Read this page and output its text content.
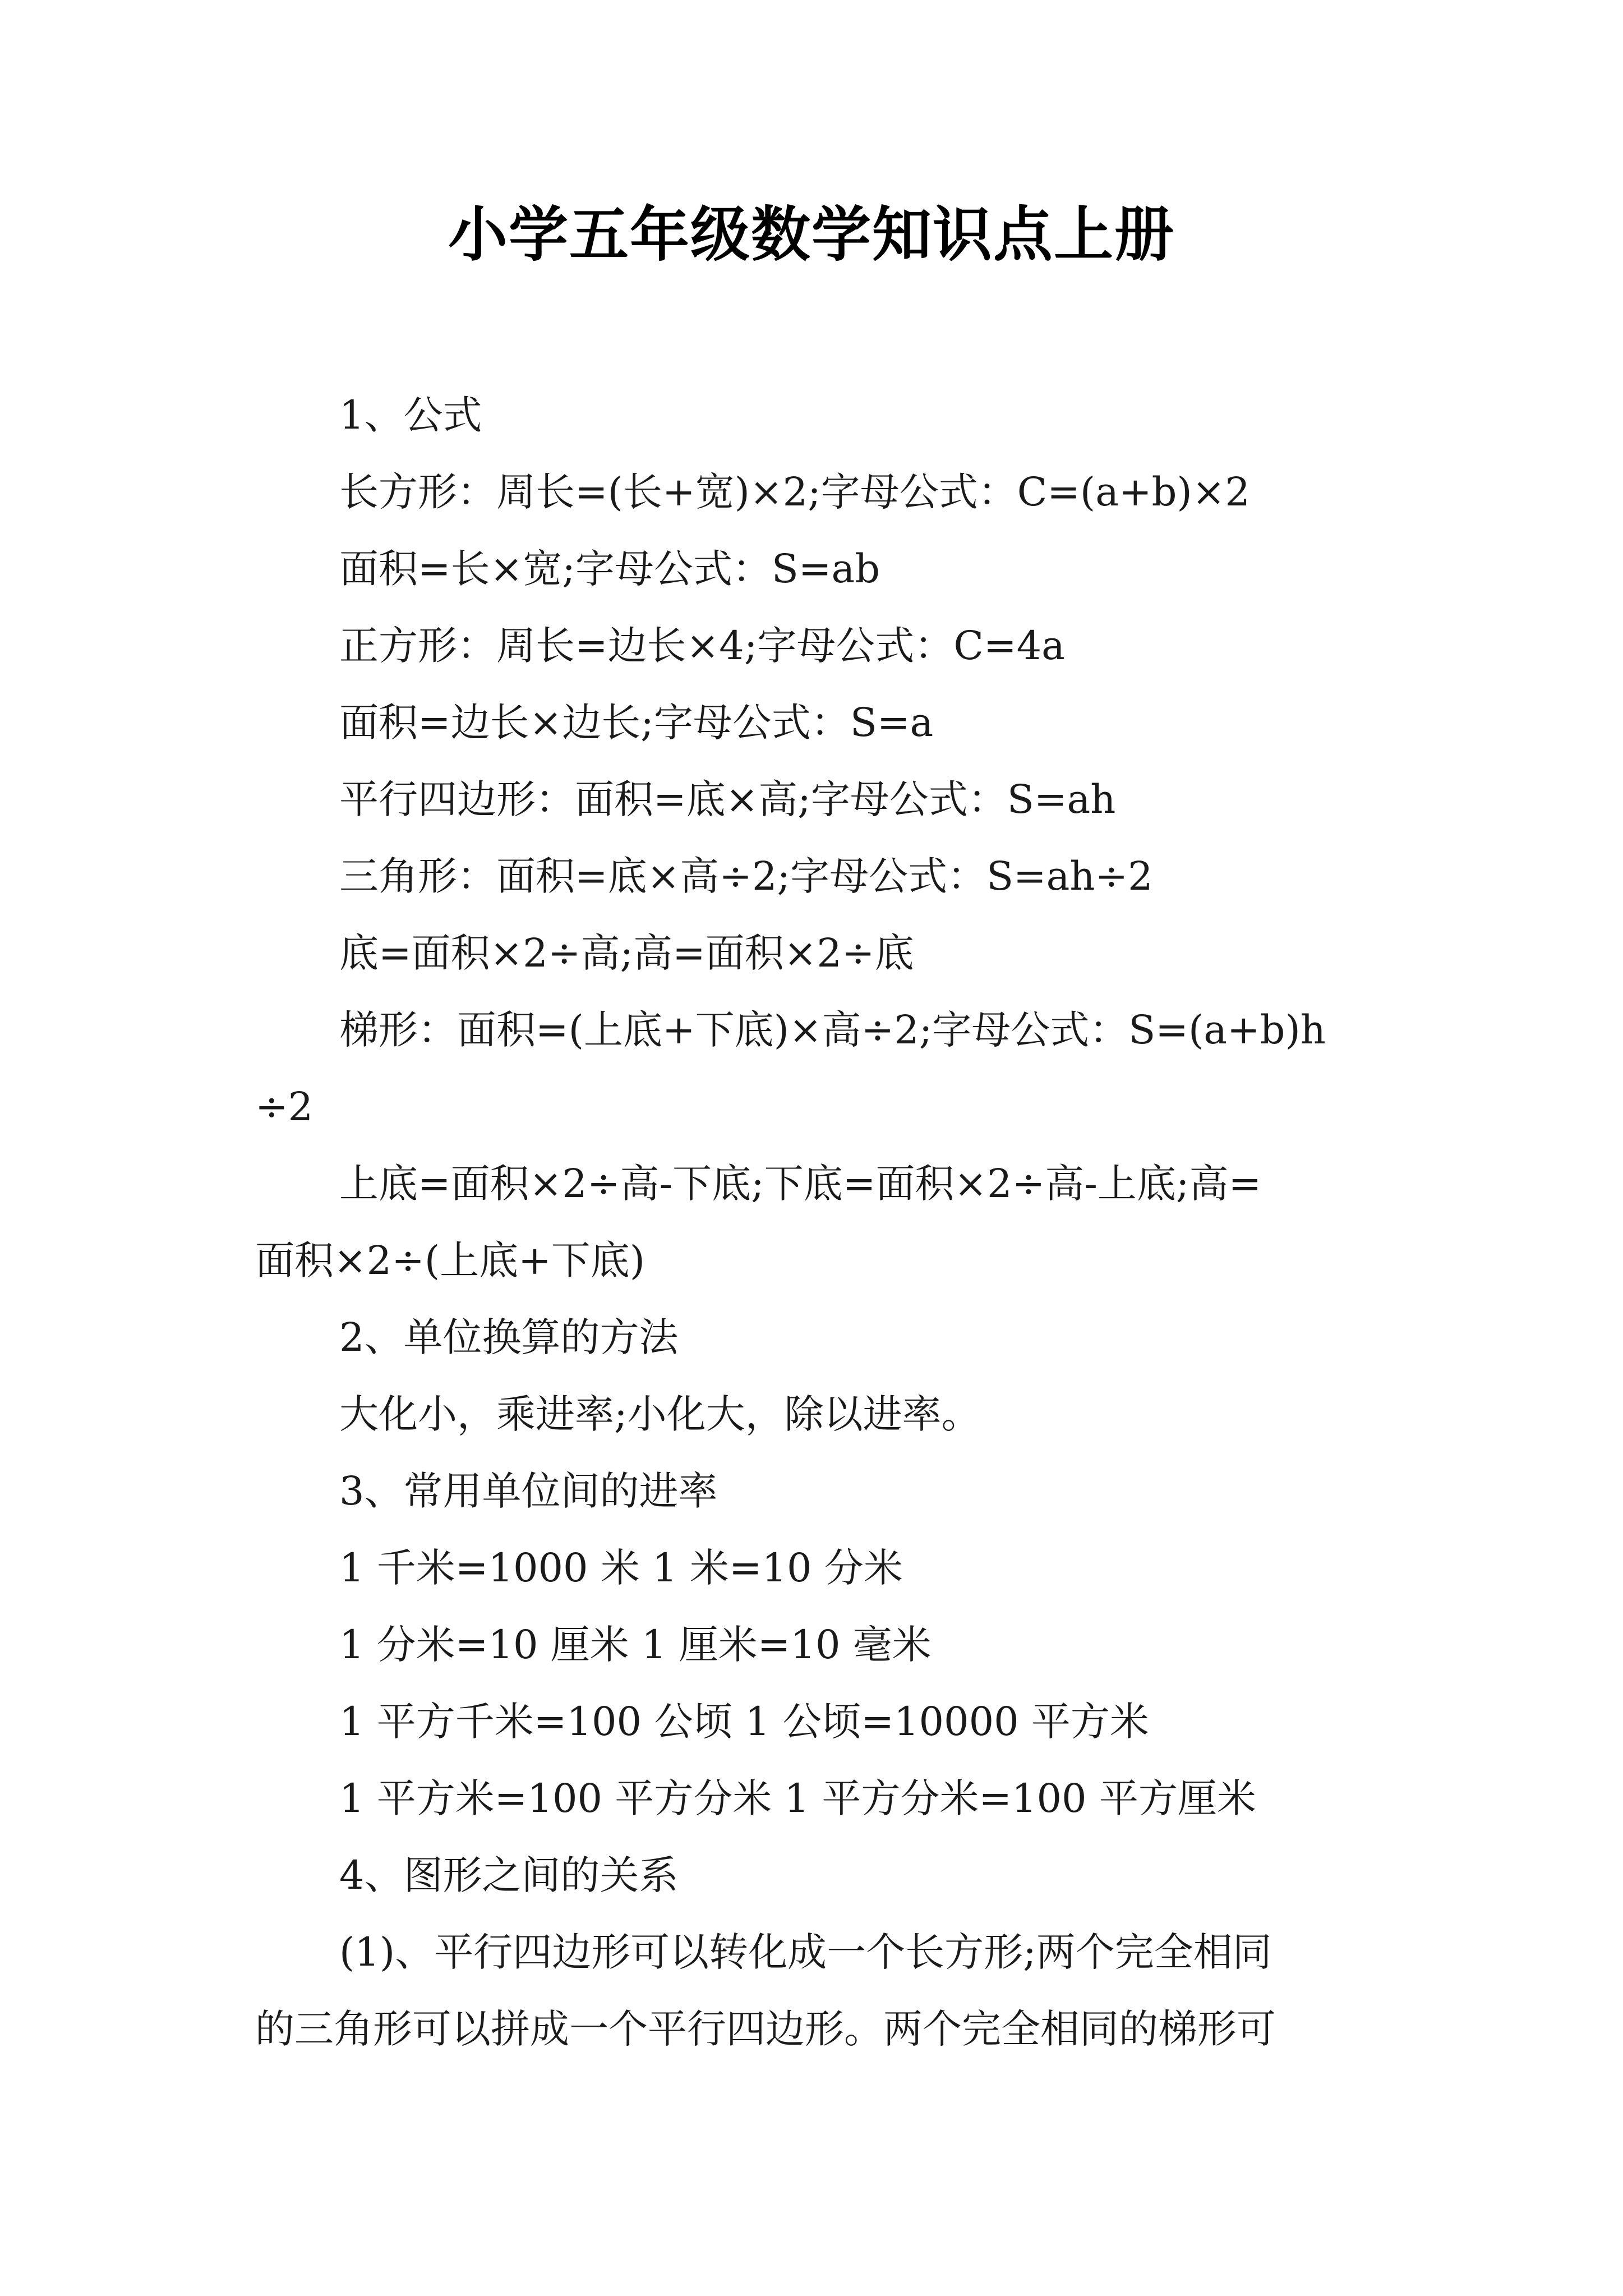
小学五年级数学知识点上册
1、公式
长方形：周长=(长+宽)×2;字母公式：C=(a+b)×2
面积=长×宽;字母公式：S=ab
正方形：周长=边长×4;字母公式：C=4a
面积=边长×边长;字母公式：S=a
平行四边形：面积=底×高;字母公式：S=ah
三角形：面积=底×高÷2;字母公式：S=ah÷2
底=面积×2÷高;高=面积×2÷底
梯形：面积=(上底+下底)×高÷2;字母公式：S=(a+b)h
÷2
上底=面积×2÷高-下底;下底=面积×2÷高-上底;高=
面积×2÷(上底+下底)
2、单位换算的方法
大化小，乘进率;小化大，除以进率。
3、常用单位间的进率
1 千米=1000 米 1 米=10 分米
1 分米=10 厘米 1 厘米=10 毫米
1 平方千米=100 公顷 1 公顷=10000 平方米
1 平方米=100 平方分米 1 平方分米=100 平方厘米
4、图形之间的关系
(1)、平行四边形可以转化成一个长方形;两个完全相同
的三角形可以拼成一个平行四边形。两个完全相同的梯形可
